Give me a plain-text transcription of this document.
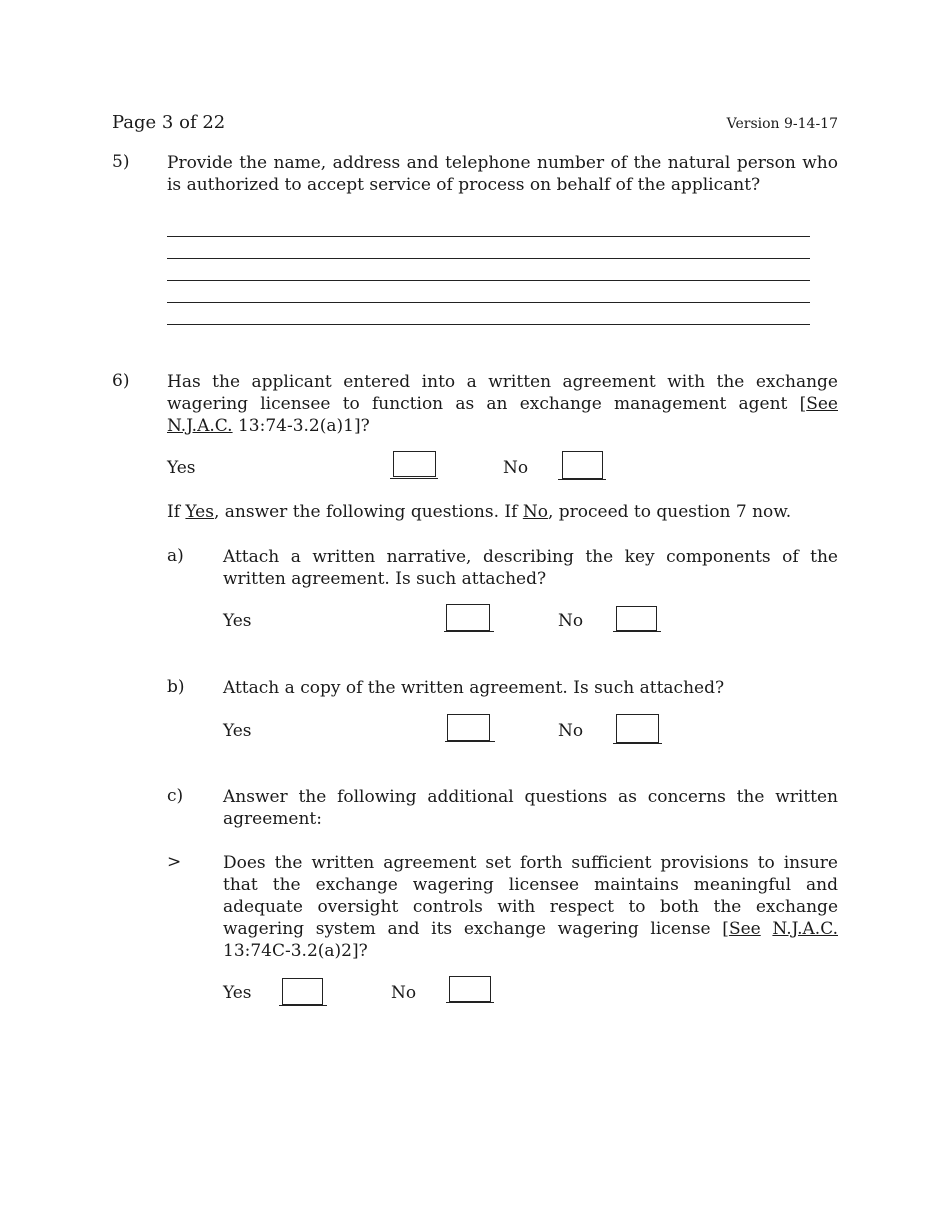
Page 3 of 22	Version 9-14-17
5) Provide the name, address and telephone number of the natural person who is authorized to accept service of process on behalf of the applicant?
6) Has the applicant entered into a written agreement with the exchange wagering licensee to function as an exchange management agent [See N.J.A.C. 13:74-3.2(a)1]?
Yes	No
If Yes, answer the following questions. If No, proceed to question 7 now.
a) Attach a written narrative, describing the key components of the written agreement. Is such attached?
Yes	No
b) Attach a copy of the written agreement. Is such attached?
Yes	No
c) Answer the following additional questions as concerns the written agreement:
> Does the written agreement set forth sufficient provisions to insure that the exchange wagering licensee maintains meaningful and adequate oversight controls with respect to both the exchange wagering system and its exchange wagering license [See N.J.A.C. 13:74C-3.2(a)2]?
Yes	No
